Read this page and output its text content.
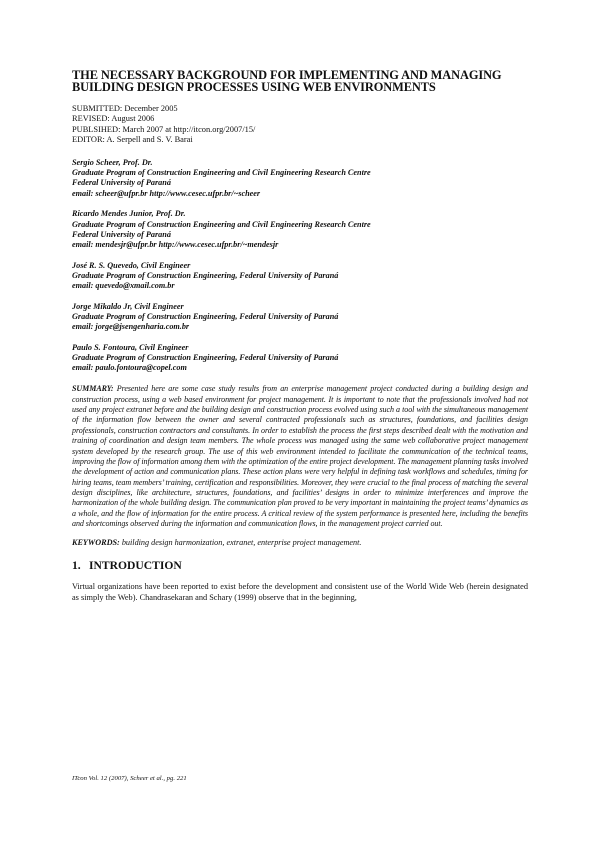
THE NECESSARY BACKGROUND FOR IMPLEMENTING AND MANAGING BUILDING DESIGN PROCESSES USING WEB ENVIRONMENTS
SUBMITTED: December 2005
REVISED: August 2006
PUBLSIHED: March 2007 at http://itcon.org/2007/15/
EDITOR: A. Serpell and S. V. Barai
Sergio Scheer, Prof. Dr.
Graduate Program of Construction Engineering and Civil Engineering Research Centre
Federal University of Paraná
email: scheer@ufpr.br http://www.cesec.ufpr.br/~scheer
Ricardo Mendes Junior, Prof. Dr.
Graduate Program of Construction Engineering and Civil Engineering Research Centre
Federal University of Paraná
email: mendesjr@ufpr.br http://www.cesec.ufpr.br/~mendesjr
José R. S. Quevedo, Civil Engineer
Graduate Program of Construction Engineering, Federal University of Paraná
email: quevedo@xmail.com.br
Jorge Mikaldo Jr, Civil Engineer
Graduate Program of Construction Engineering, Federal University of Paraná
email: jorge@jsengenharia.com.br
Paulo S. Fontoura, Civil Engineer
Graduate Program of Construction Engineering, Federal University of Paraná
email: paulo.fontoura@copel.com

SUMMARY: Presented here are some case study results from an enterprise management project conducted during a building design and construction process, using a web based environment for project management. It is important to note that the professionals involved had not used any project extranet before and the building design and construction process evolved using such a tool with the simultaneous management of the information flow between the owner and several contracted professionals such as structures, foundations, and facilities design professionals, construction contractors and consultants. In order to establish the process the first steps described dealt with the motivation and training of coordination and design team members. The whole process was managed using the same web collaborative project management system developed by the research group. The use of this web environment intended to facilitate the communication of the technical teams, improving the flow of information among them with the optimization of the entire project development. The management planning tasks involved the development of action and communication plans. These action plans were very helpful in defining task workflows and schedules, timing for hiring teams, team members’ training, certification and responsibilities. Moreover, they were crucial to the final process of matching the several design disciplines, like architecture, structures, foundations, and facilities’ designs in order to minimize interferences and improve the harmonization of the whole building design. The communication plan proved to be very important in maintaining the project teams’ dynamics as a whole, and the flow of information for the entire process. A critical review of the system performance is presented here, including the benefits and shortcomings observed during the information and communication flows, in the management project carried out.

KEYWORDS: building design harmonization, extranet, enterprise project management.
1. INTRODUCTION

Virtual organizations have been reported to exist before the development and consistent use of the World Wide Web (herein designated as simply the Web). Chandrasekaran and Schary (1999) observe that in the beginning,

ITcon Vol. 12 (2007), Scheer et al., pg. 221
